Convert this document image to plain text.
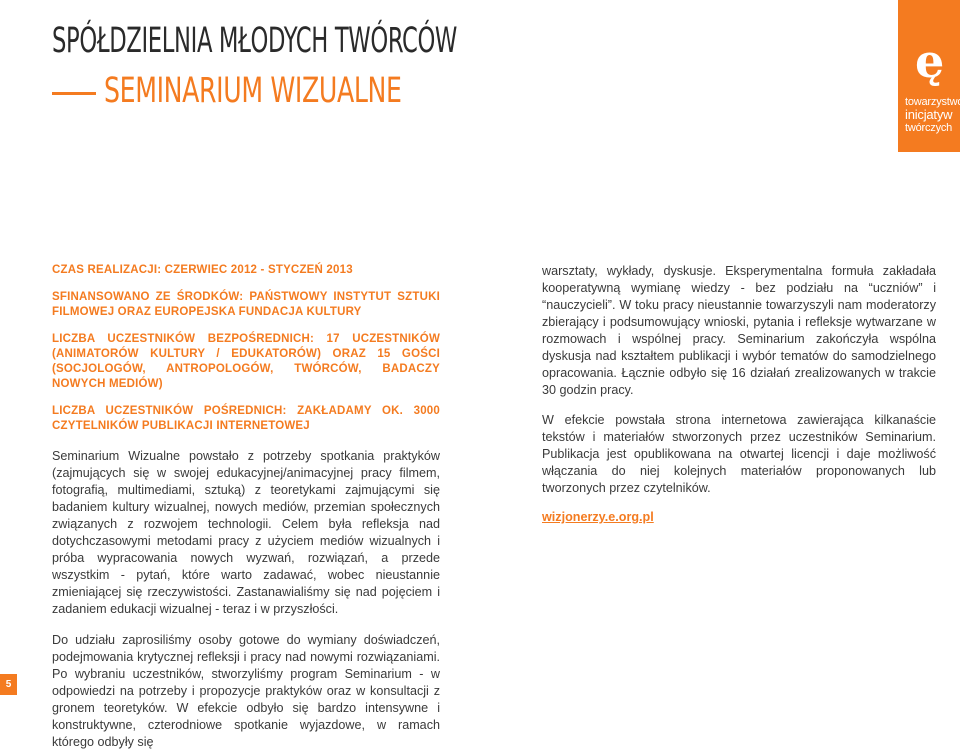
SPÓŁDZIELNIA MŁODYCH TWÓRCÓW
SEMINARIUM WIZUALNE
ę
towarzystwo
inicjatyw
twórczych
CZAS REALIZACJI: CZERWIEC 2012 - STYCZEŃ 2013
SFINANSOWANO ZE ŚRODKÓW: PAŃSTWOWY INSTYTUT SZTUKI FILMOWEJ ORAZ EUROPEJSKA FUNDACJA KULTURY
LICZBA UCZESTNIKÓW BEZPOŚREDNICH: 17 UCZESTNIKÓW (ANIMATORÓW KULTURY / EDUKATORÓW) ORAZ 15 GOŚCI (SOCJOLOGÓW, ANTROPOLOGÓW, TWÓRCÓW, BADACZY NOWYCH MEDIÓW)
LICZBA UCZESTNIKÓW POŚREDNICH: ZAKŁADAMY OK. 3000 CZYTELNIKÓW PUBLIKACJI INTERNETOWEJ

Seminarium Wizualne powstało z potrzeby spotkania praktyków (zajmujących się w swojej edukacyjnej/animacyjnej pracy filmem, fotografią, multimediami, sztuką) z teoretykami zajmującymi się badaniem kultury wizualnej, nowych mediów, przemian społecznych związanych z rozwojem technologii. Celem była refleksja nad dotychczasowymi metodami pracy z użyciem mediów wizualnych i próba wypracowania nowych wyzwań, rozwiązań, a przede wszystkim - pytań, które warto zadawać, wobec nieustannie zmieniającej się rzeczywistości. Zastanawialiśmy się nad pojęciem i zadaniem edukacji wizualnej - teraz i w przyszłości.

Do udziału zaprosiliśmy osoby gotowe do wymiany doświadczeń, podejmowania krytycznej refleksji i pracy nad nowymi rozwiązaniami. Po wybraniu uczestników, stworzyliśmy program Seminarium - w odpowiedzi na potrzeby i propozycje praktyków oraz w konsultacji z gronem teoretyków. W efekcie odbyło się bardzo intensywne i konstruktywne, czterodniowe spotkanie wyjazdowe, w ramach którego odbyły się

warsztaty, wykłady, dyskusje. Eksperymentalna formuła zakładała kooperatywną wymianę wiedzy - bez podziału na “uczniów” i “nauczycieli”. W toku pracy nieustannie towarzyszyli nam moderatorzy zbierający i podsumowujący wnioski, pytania i refleksje wytwarzane w rozmowach i wspólnej pracy. Seminarium zakończyła wspólna dyskusja nad kształtem publikacji i wybór tematów do samodzielnego opracowania. Łącznie odbyło się 16 działań zrealizowanych w trakcie 30 godzin pracy.

W efekcie powstała strona internetowa zawierająca kilkanaście tekstów i materiałów stworzonych przez uczestników Seminarium. Publikacja jest opublikowana na otwartej licencji i daje możliwość włączania do niej kolejnych materiałów proponowanych lub tworzonych przez czytelników.

wizjonerzy.e.org.pl
5
